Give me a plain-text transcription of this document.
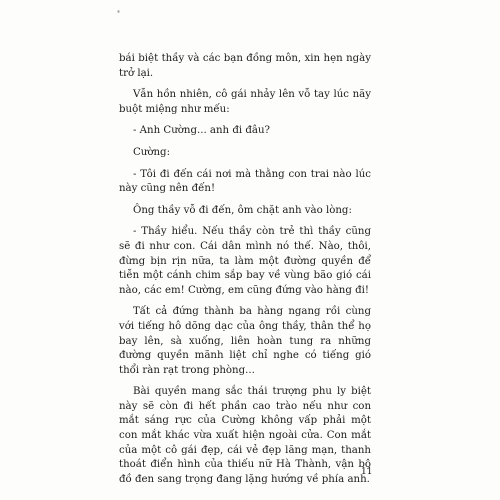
*

bái biệt thầy và các bạn đồng môn, xin hẹn ngày trở lại.

Vẫn hồn nhiên, cô gái nhảy lên vỗ tay lúc nãy buột miệng như mếu:

- Anh Cường... anh đi đâu?

Cường:

- Tôi đi đến cái nơi mà thằng con trai nào lúc này cũng nên đến!

Ông thầy vỗ đi đến, ôm chặt anh vào lòng:

- Thầy hiểu. Nếu thầy còn trẻ thì thầy cũng sẽ đi như con. Cái dân mình nó thế. Nào, thôi, đừng bịn rịn nữa, ta làm một đường quyền để tiễn một cánh chim sắp bay về vùng bão gió cái nào, các em! Cường, em cũng đứng vào hàng đi!

Tất cả đứng thành ba hàng ngang rồi cùng với tiếng hô dõng dạc của ông thầy, thân thể họ bay lên, sà xuống, liên hoàn tung ra những đường quyền mãnh liệt chỉ nghe có tiếng gió thổi ràn rạt trong phòng...

Bài quyền mang sắc thái trượng phu ly biệt này sẽ còn đi hết phần cao trào nếu như con mắt sáng rực của Cường không vấp phải một con mắt khác vừa xuất hiện ngoài cửa. Con mắt của một cô gái đẹp, cái vẻ đẹp lăng mạn, thanh thoát điển hình của thiếu nữ Hà Thành, vận bộ đồ đen sang trọng đang lặng hướng về phía anh.

11
